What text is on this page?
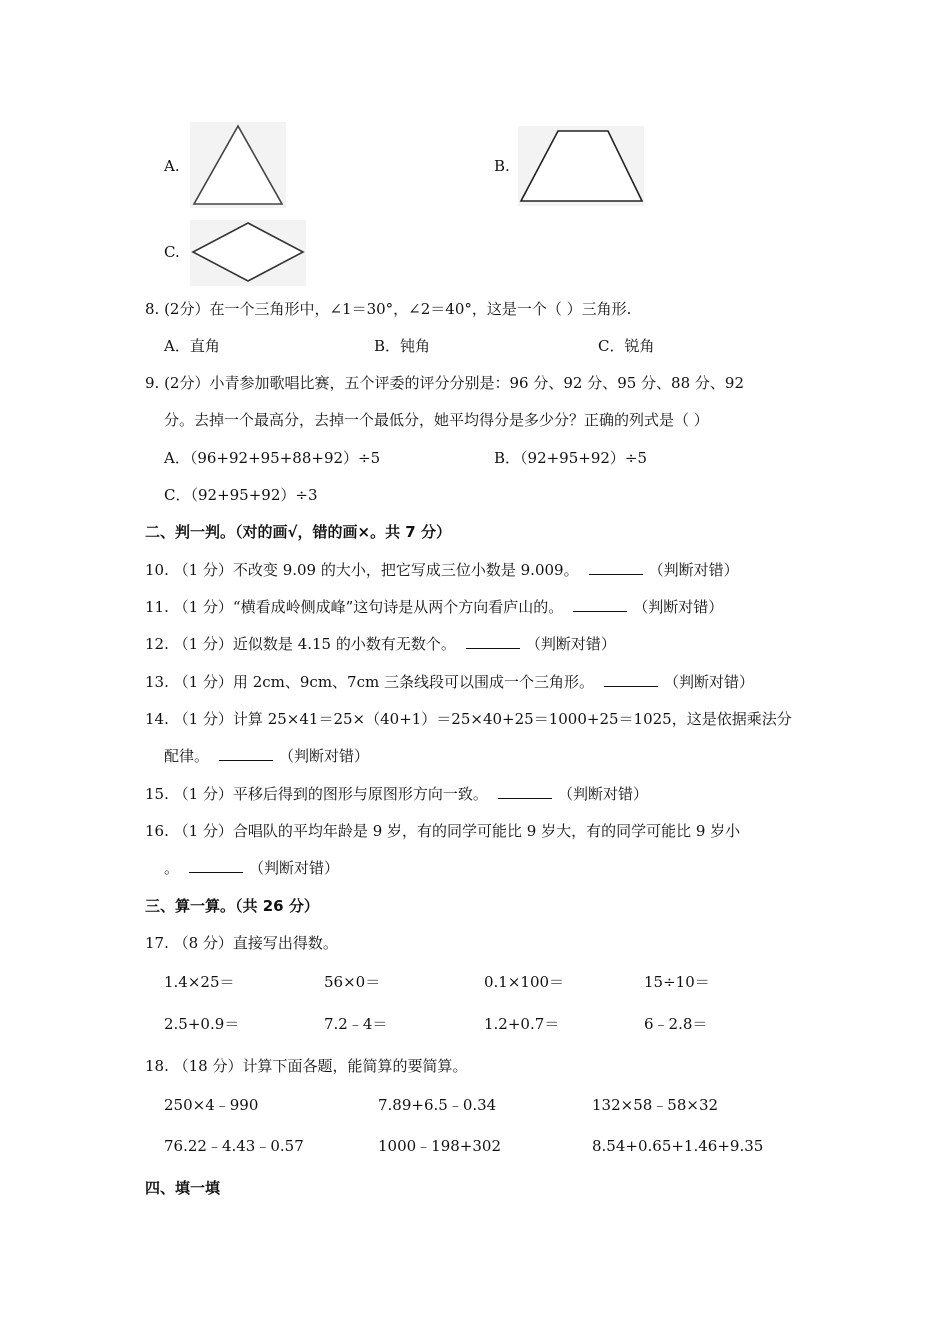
A.	B.
C.
8. (2分）在一个三角形中，∠1＝30°，∠2＝40°，这是一个（ ）三角形.
A．直角	B．钝角	C．锐角
9. (2分）小青参加歌唱比赛，五个评委的评分分别是：96 分、92 分、95 分、88 分、92
分。去掉一个最高分，去掉一个最低分，她平均得分是多少分？正确的列式是（ ）
A．（96+92+95+88+92）÷5	B．（92+95+92）÷5
C．（92+95+92）÷3
二、判一判。（对的画√，错的画×。共 7 分）
10. （1 分）不改变 9.09 的大小，把它写成三位小数是 9.009。	（判断对错）
11. （1 分）“横看成岭侧成峰”这句诗是从两个方向看庐山的。	（判断对错）
12. （1 分）近似数是 4.15 的小数有无数个。	（判断对错）
13. （1 分）用 2cm、9cm、7cm 三条线段可以围成一个三角形。	（判断对错）
14. （1 分）计算 25×41＝25×（40+1）＝25×40+25＝1000+25＝1025，这是依据乘法分
配律。	（判断对错）
15. （1 分）平移后得到的图形与原图形方向一致。	（判断对错）
16. （1 分）合唱队的平均年龄是 9 岁，有的同学可能比 9 岁大，有的同学可能比 9 岁小
。	（判断对错）
三、算一算。（共 26 分）
17. （8 分）直接写出得数。
1.4×25＝	56×0＝	0.1×100＝	15÷10＝
2.5+0.9＝	7.2﹣4＝	1.2+0.7＝	6﹣2.8＝
18. （18 分）计算下面各题，能简算的要简算。
250×4﹣990	7.89+6.5﹣0.34	132×58﹣58×32
76.22﹣4.43﹣0.57	1000﹣198+302	8.54+0.65+1.46+9.35
四、填一填
